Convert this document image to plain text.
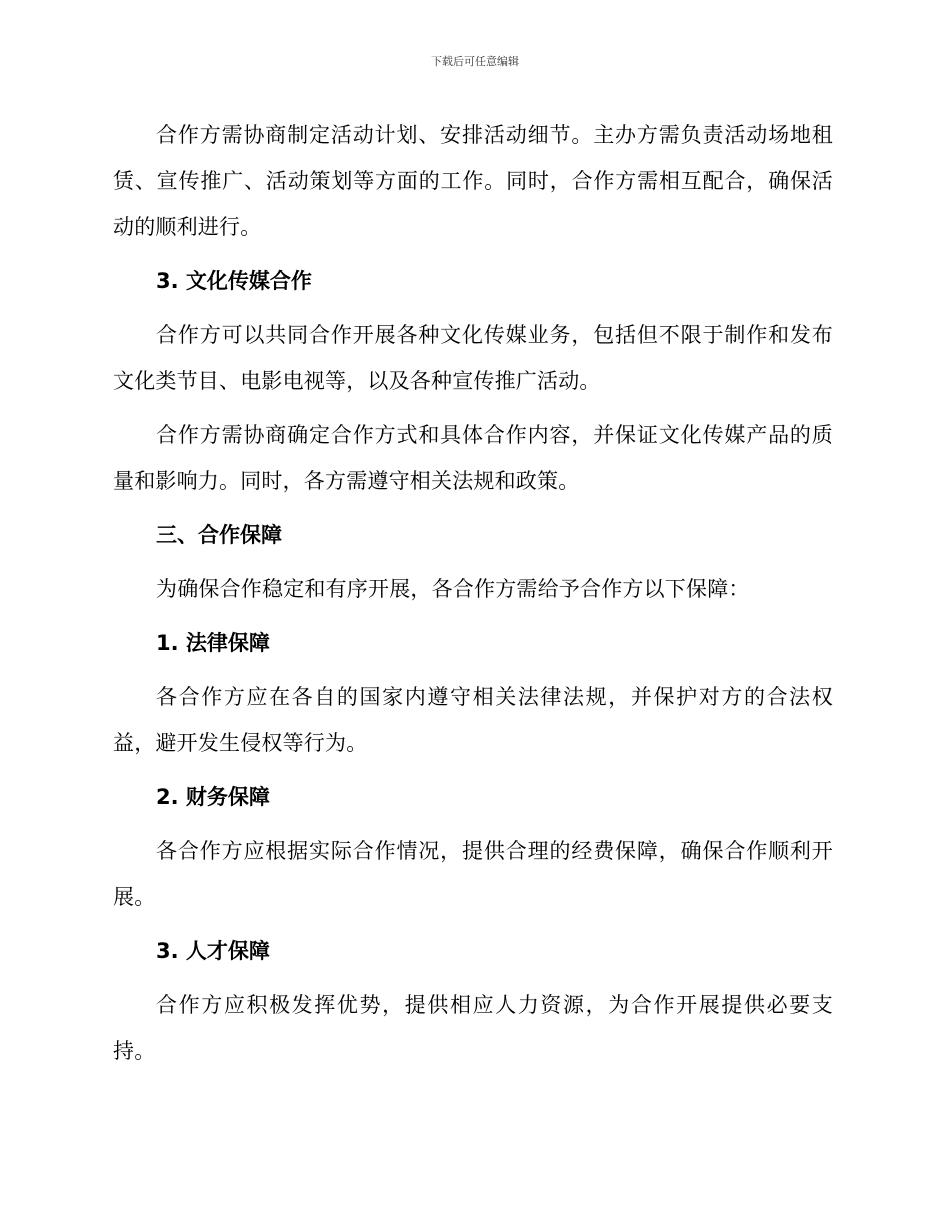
下载后可任意编辑

合作方需协商制定活动计划、安排活动细节。主办方需负责活动场地租赁、宣传推广、活动策划等方面的工作。同时，合作方需相互配合，确保活动的顺利进行。

3. 文化传媒合作

合作方可以共同合作开展各种文化传媒业务，包括但不限于制作和发布文化类节目、电影电视等，以及各种宣传推广活动。

合作方需协商确定合作方式和具体合作内容，并保证文化传媒产品的质量和影响力。同时，各方需遵守相关法规和政策。

三、合作保障

为确保合作稳定和有序开展，各合作方需给予合作方以下保障：

1. 法律保障

各合作方应在各自的国家内遵守相关法律法规，并保护对方的合法权益，避开发生侵权等行为。

2. 财务保障

各合作方应根据实际合作情况，提供合理的经费保障，确保合作顺利开展。

3. 人才保障

合作方应积极发挥优势，提供相应人力资源，为合作开展提供必要支持。
